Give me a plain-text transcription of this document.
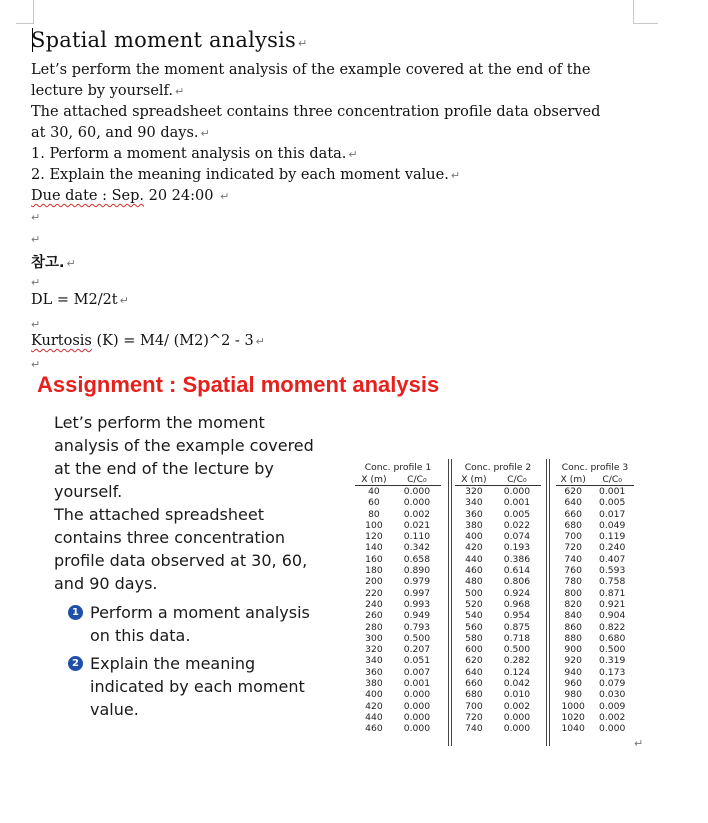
Spatial moment analysis ↵
Let’s perform the moment analysis of the example covered at the end of the
lecture by yourself. ↵
The attached spreadsheet contains three concentration profile data observed
at 30, 60, and 90 days. ↵
1. Perform a moment analysis on this data. ↵
2. Explain the meaning indicated by each moment value. ↵
Due date : Sep. 20 24:00 ↵
↵
↵
참고. ↵
↵
DL = M2/2t ↵
↵
Kurtosis (K) = M4/ (M2)^2 - 3 ↵
↵
Assignment : Spatial moment analysis

Let’s perform the moment analysis of the example covered at the end of the lecture by yourself.

The attached spreadsheet contains three concentration profile data observed at 30, 60, and 90 days.

1 Perform a moment analysis on this data.
2 Explain the meaning indicated by each moment value.
Conc. profile 1	
X (m)	C/C₀
40	0.000
60	0.000
80	0.002
100	0.021
120	0.110
140	0.342
160	0.658
180	0.890
200	0.979
220	0.997
240	0.993
260	0.949
280	0.793
300	0.500
320	0.207
340	0.051
360	0.007
380	0.001
400	0.000
420	0.000
440	0.000
460	0.000
Conc. profile 2	
X (m)	C/C₀
320	0.000
340	0.001
360	0.005
380	0.022
400	0.074
420	0.193
440	0.386
460	0.614
480	0.806
500	0.924
520	0.968
540	0.954
560	0.875
580	0.718
600	0.500
620	0.282
640	0.124
660	0.042
680	0.010
700	0.002
720	0.000
740	0.000
Conc. profile 3	
X (m)	C/C₀
620	0.001
640	0.005
660	0.017
680	0.049
700	0.119
720	0.240
740	0.407
760	0.593
780	0.758
800	0.871
820	0.921
840	0.904
860	0.822
880	0.680
900	0.500
920	0.319
940	0.173
960	0.079
980	0.030
1000	0.009
1020	0.002
1040	0.000
↵
